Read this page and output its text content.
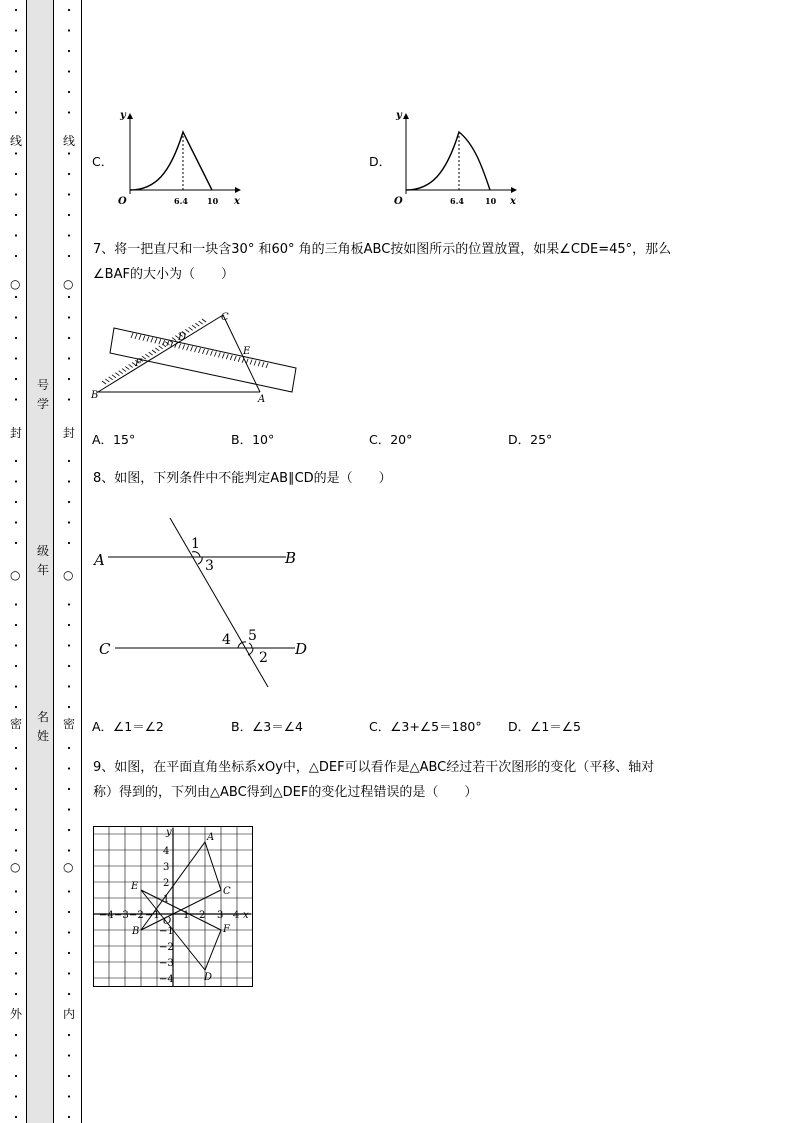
线
封
密
外
线
封
密
内
○
○
○
○
○
○
号学
级年
名姓
C．
y
x
O	6.4 10
D．
y
x
O	6.4	10
7、将一把直尺和一块含30° 和60° 角的三角板ABC按如图所示的位置放置，如果∠CDE=45°，那么
∠BAF的大小为（　　）
C
D
E
F
B	A
A．15°	B．10°	C．20°	D．25°
8、如图，下列条件中不能判定AB∥CD的是（　　）
A	B
C	D
1
3
4 5
2
A．∠1＝∠2	B．∠3＝∠4	C．∠3+∠5＝180° D．∠1＝∠5
9、如图，在平面直角坐标系xOy中，△DEF可以看作是△ABC经过若干次图形的变化（平移、轴对
称）得到的，下列由△ABC得到△DEF的变化过程错误的是（　　）
y
x
O
−4 −3 −2 −1 1 2 3 4
4
3
2
1
−1
−2
−3
−4
A
B
C
D
E
F
